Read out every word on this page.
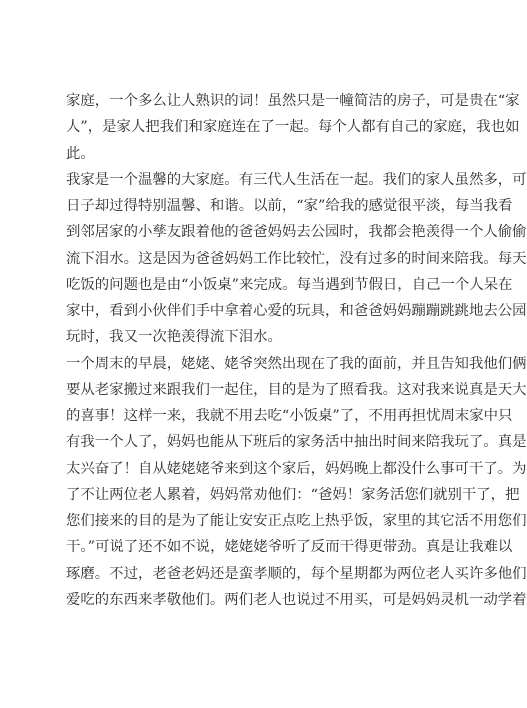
家庭，一个多么让人熟识的词！虽然只是一幢简洁的房子，可是贵在“家
人”，是家人把我们和家庭连在了一起。每个人都有自己的家庭，我也如
此。
我家是一个温馨的大家庭。有三代人生活在一起。我们的家人虽然多，可
日子却过得特别温馨、和谐。以前，“家”给我的感觉很平淡，每当我看
到邻居家的小孳友跟着他的爸爸妈妈去公园时，我都会艳羡得一个人偷偷
流下泪水。这是因为爸爸妈妈工作比较忙，没有过多的时间来陪我。每天
吃饭的问题也是由“小饭桌”来完成。每当遇到节假日，自己一个人呆在
家中，看到小伙伴们手中拿着心爱的玩具，和爸爸妈妈蹦蹦跳跳地去公园
玩时，我又一次艳羡得流下泪水。
一个周末的早晨，姥姥、姥爷突然出现在了我的面前，并且告知我他们俩
要从老家搬过来跟我们一起住，目的是为了照看我。这对我来说真是天大
的喜事！这样一来，我就不用去吃“小饭桌”了，不用再担忧周末家中只
有我一个人了，妈妈也能从下班后的家务活中抽出时间来陪我玩了。真是
太兴奋了！自从姥姥姥爷来到这个家后，妈妈晚上都没什么事可干了。为
了不让两位老人累着，妈妈常劝他们：“爸妈！家务活您们就别干了，把
您们接来的目的是为了能让安安正点吃上热乎饭，家里的其它活不用您们
干。”可说了还不如不说，姥姥姥爷听了反而干得更带劲。真是让我难以
琢磨。不过，老爸老妈还是蛮孝顺的，每个星期都为两位老人买许多他们
爱吃的东西来孝敬他们。两们老人也说过不用买，可是妈妈灵机一动学着
